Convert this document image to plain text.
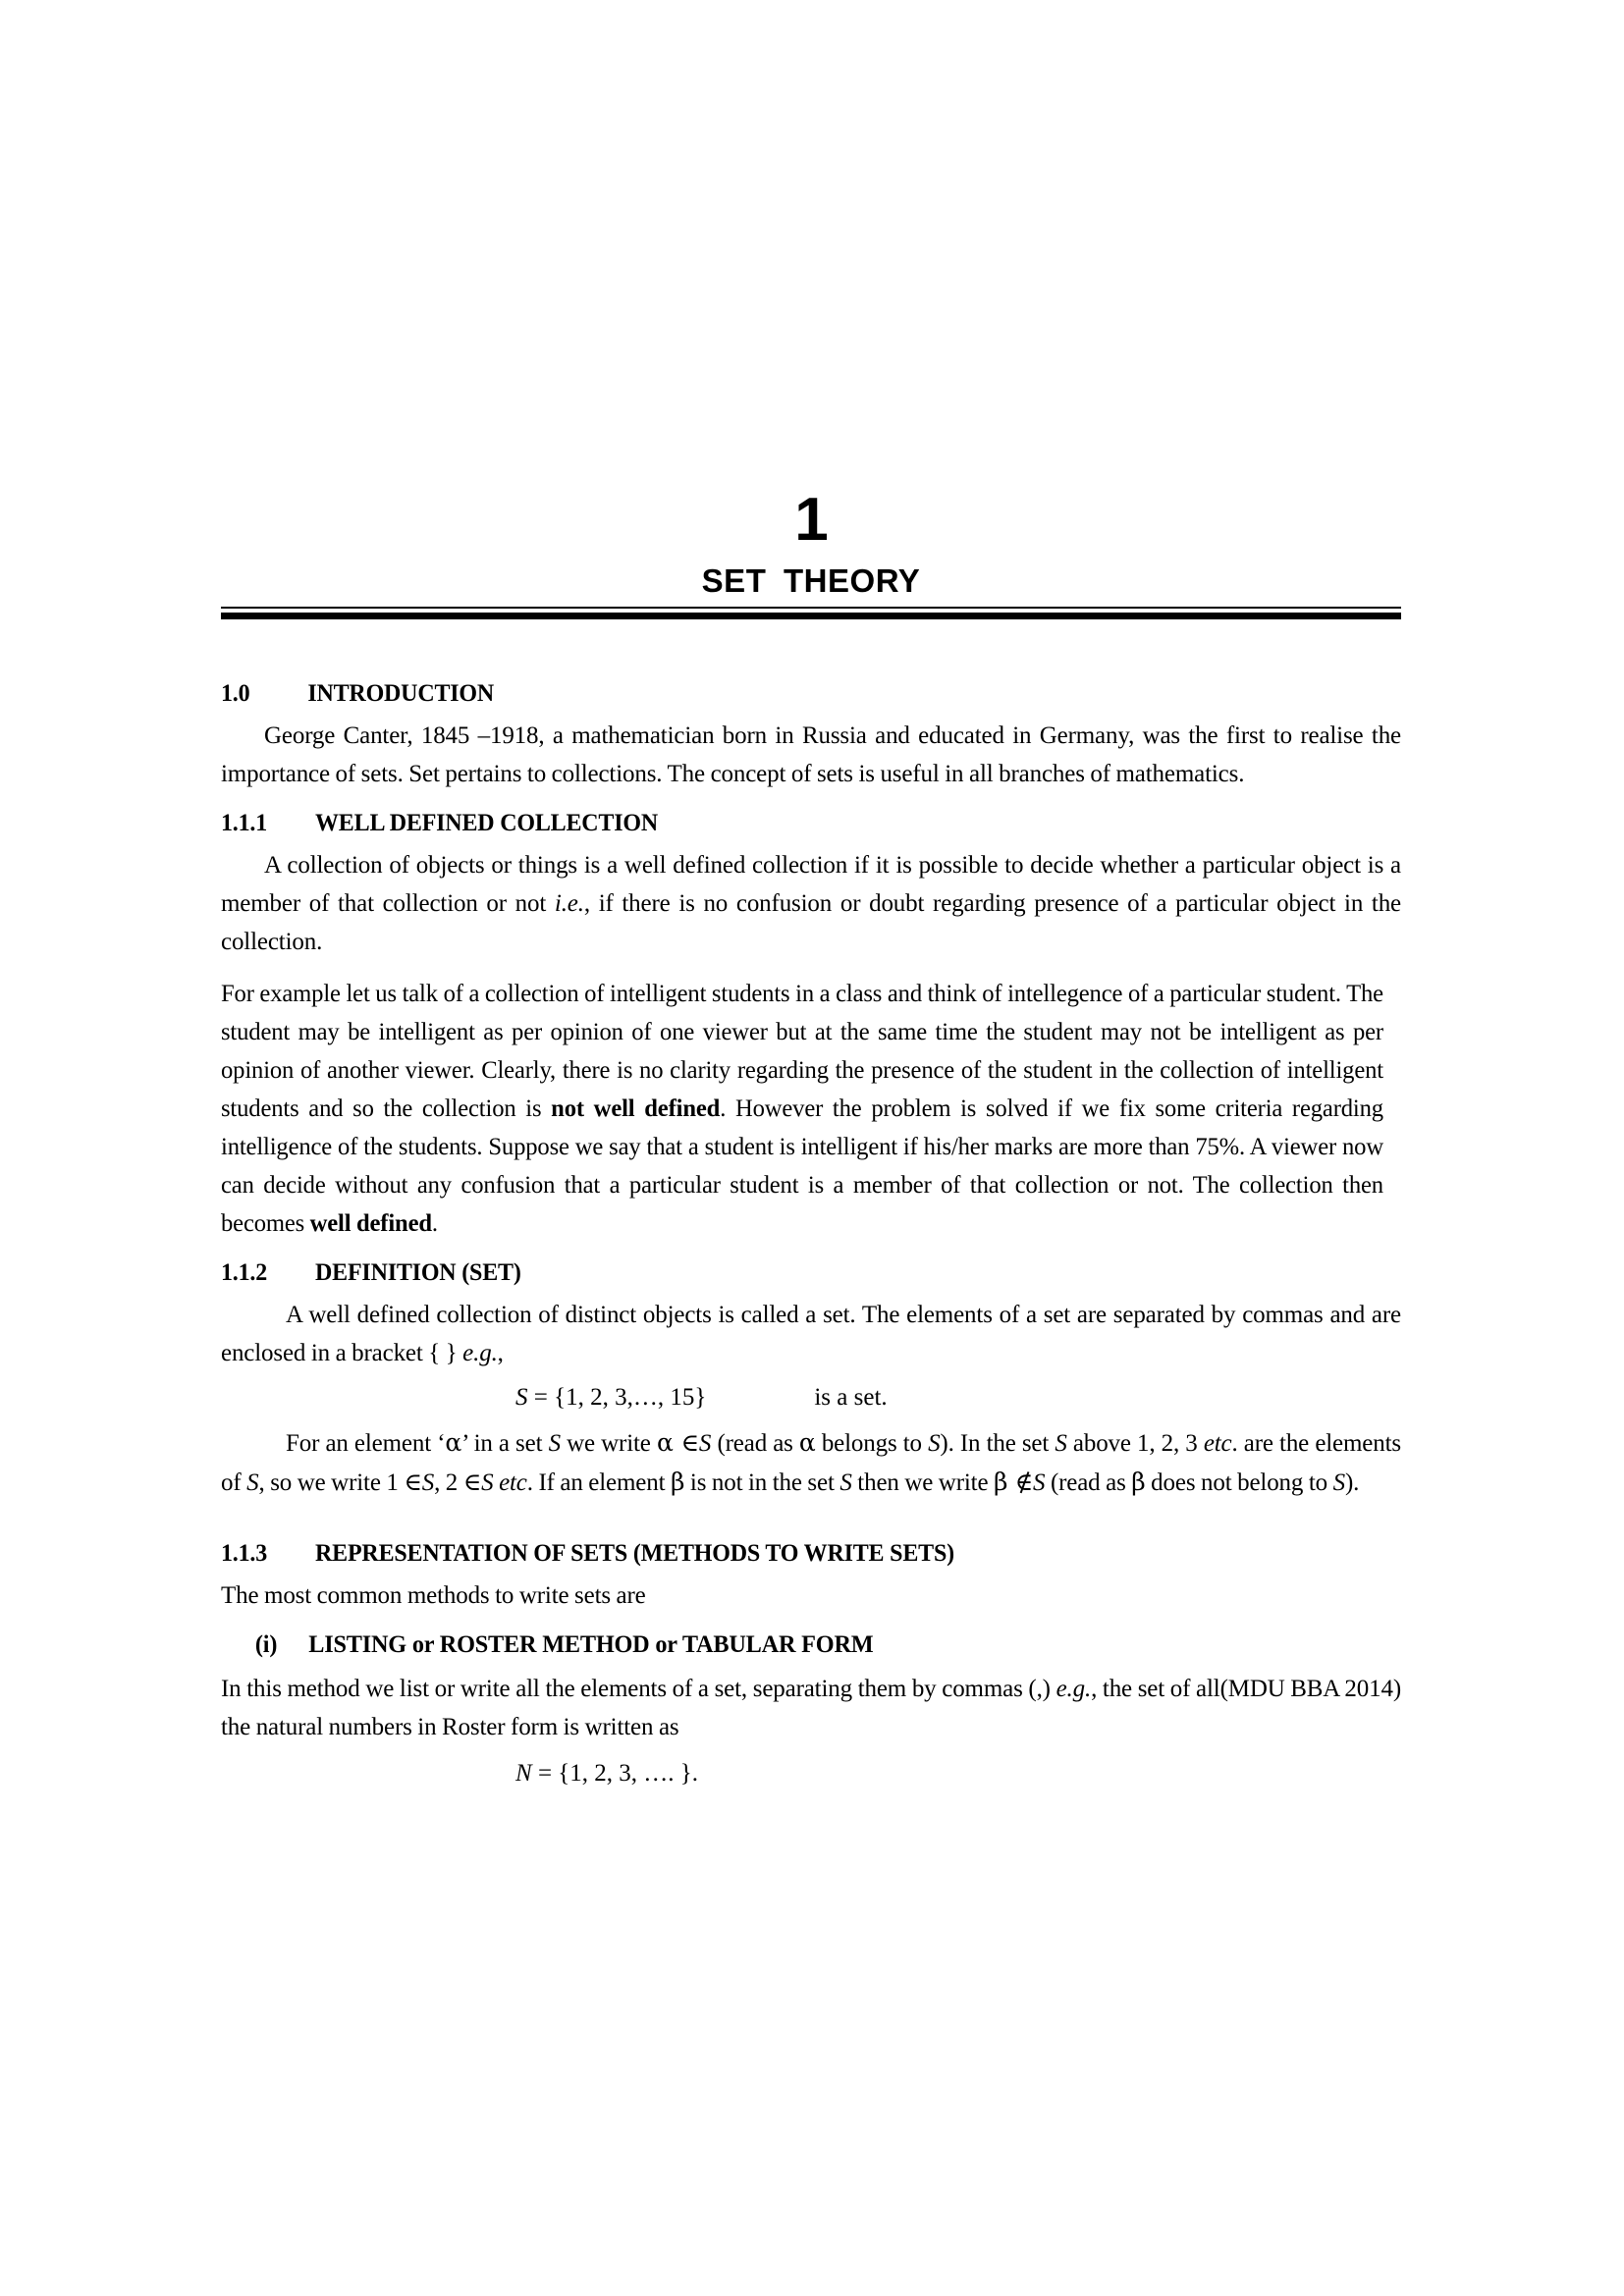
1
SET THEORY
1.0 INTRODUCTION

George Canter, 1845 –1918, a mathematician born in Russia and educated in Germany, was the first to realise the importance of sets. Set pertains to collections. The concept of sets is useful in all branches of mathematics.

1.1.1 WELL DEFINED COLLECTION

A collection of objects or things is a well defined collection if it is possible to decide whether a particular object is a member of that collection or not i.e., if there is no confusion or doubt regarding presence of a particular object in the collection.

For example let us talk of a collection of intelligent students in a class and think of intellegence of a particular student. The student may be intelligent as per opinion of one viewer but at the same time the student may not be intelligent as per opinion of another viewer. Clearly, there is no clarity regarding the presence of the student in the collection of intelligent students and so the collection is not well defined. However the problem is solved if we fix some criteria regarding intelligence of the students. Suppose we say that a student is intelligent if his/her marks are more than 75%. A viewer now can decide without any confusion that a particular student is a member of that collection or not. The collection then becomes well defined.

1.1.2 DEFINITION (SET)

A well defined collection of distinct objects is called a set. The elements of a set are separated by commas and are enclosed in a bracket { } e.g.,

S = {1, 2, 3,…, 15}	is a set.

For an element ‘α’ in a set S we write α ∈S (read as α belongs to S). In the set S above 1, 2, 3 etc. are the elements of S, so we write 1 ∈S, 2 ∈S etc. If an element β is not in the set S then we write β ∉S (read as β does not belong to S).

1.1.3 REPRESENTATION OF SETS (METHODS TO WRITE SETS)

The most common methods to write sets are

(i) LISTING or ROSTER METHOD or TABULAR FORM

(MDU BBA 2014)
In this method we list or write all the elements of a set, separating them by commas (,) e.g., the set of all the natural numbers in Roster form is written as

N = {1, 2, 3, …. }.
